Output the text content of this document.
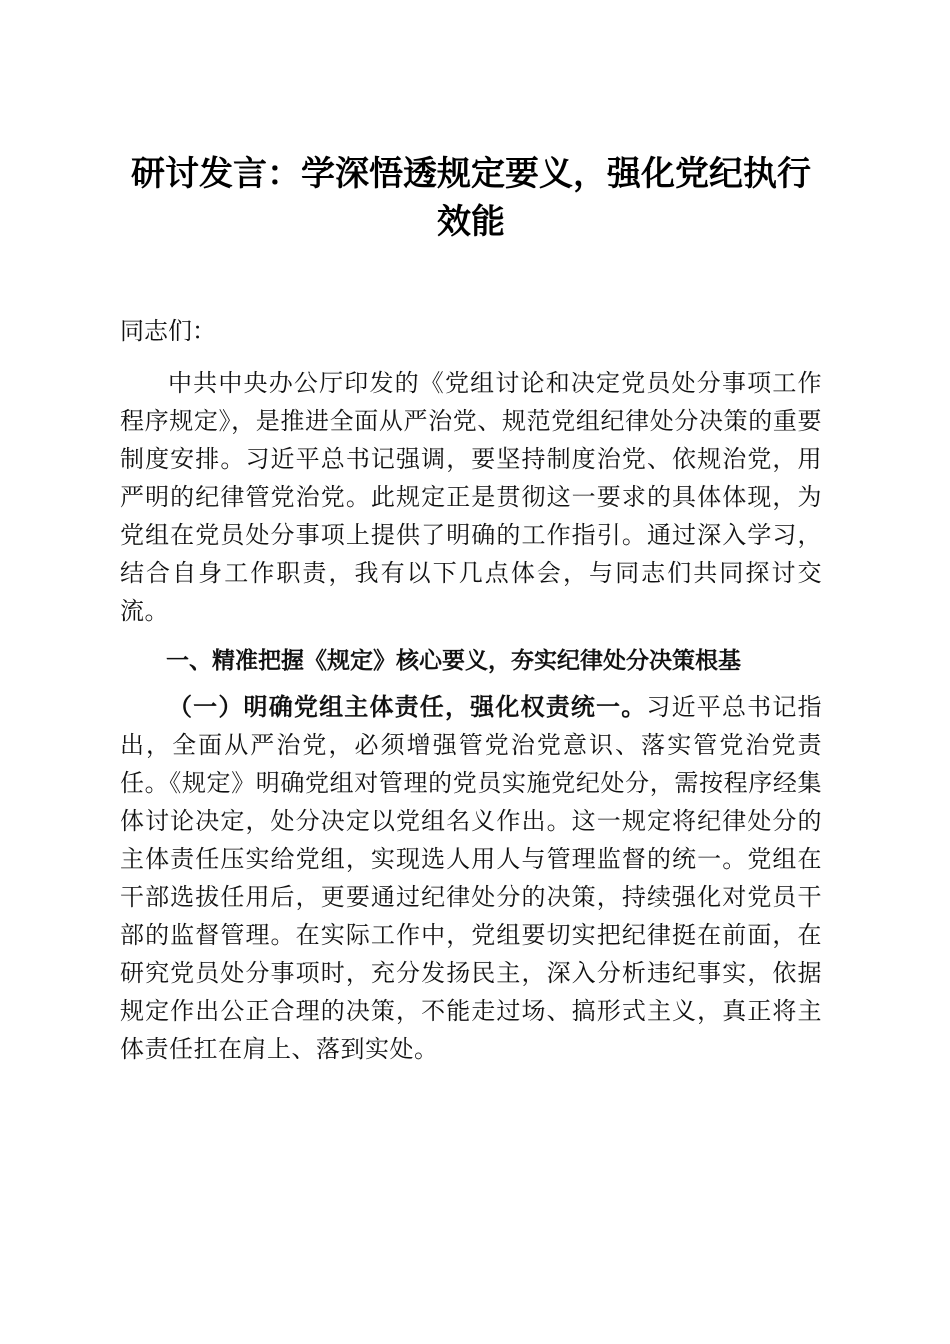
研讨发言：学深悟透规定要义，强化党纪执行效能

同志们：

中共中央办公厅印发的《党组讨论和决定党员处分事项工作程序规定》，是推进全面从严治党、规范党组纪律处分决策的重要制度安排。习近平总书记强调，要坚持制度治党、依规治党，用严明的纪律管党治党。此规定正是贯彻这一要求的具体体现，为党组在党员处分事项上提供了明确的工作指引。通过深入学习，结合自身工作职责，我有以下几点体会，与同志们共同探讨交流。

一、精准把握《规定》核心要义，夯实纪律处分决策根基

（一）明确党组主体责任，强化权责统一。习近平总书记指出，全面从严治党，必须增强管党治党意识、落实管党治党责任。《规定》明确党组对管理的党员实施党纪处分，需按程序经集体讨论决定，处分决定以党组名义作出。这一规定将纪律处分的主体责任压实给党组，实现选人用人与管理监督的统一。党组在干部选拔任用后，更要通过纪律处分的决策，持续强化对党员干部的监督管理。在实际工作中，党组要切实把纪律挺在前面，在研究党员处分事项时，充分发扬民主，深入分析违纪事实，依据规定作出公正合理的决策，不能走过场、搞形式主义，真正将主体责任扛在肩上、落到实处。
